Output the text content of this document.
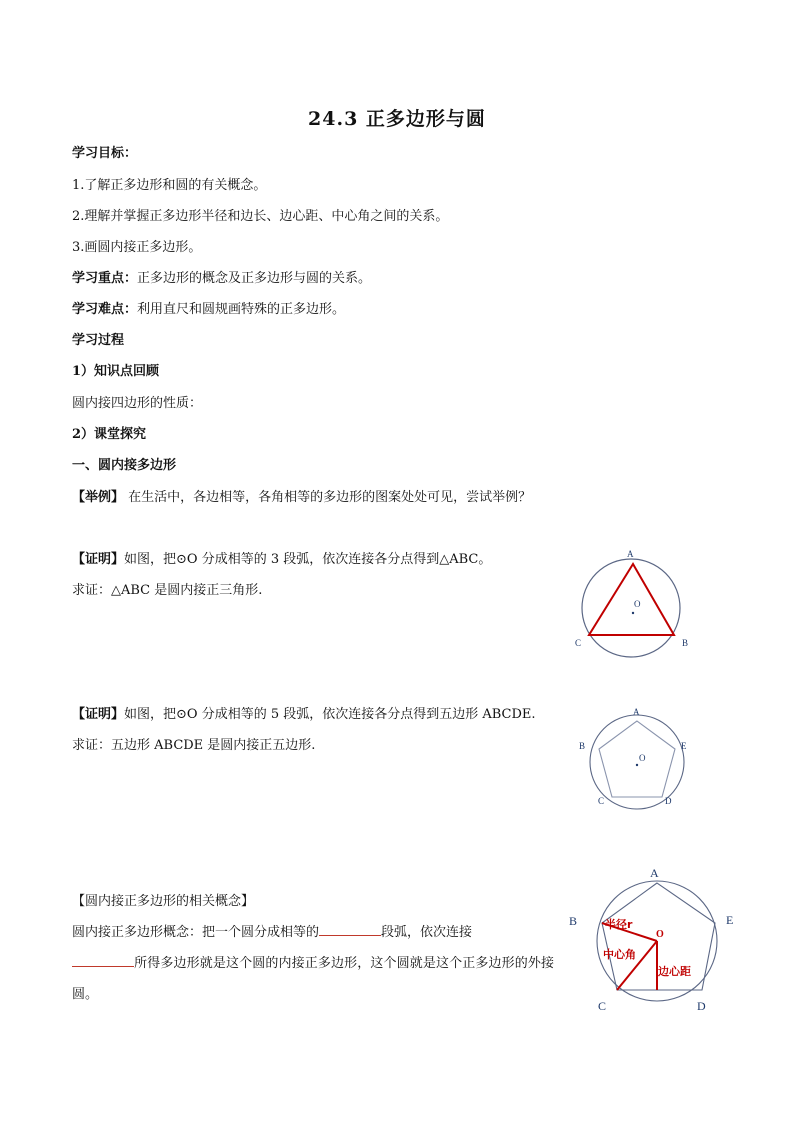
24.3 正多边形与圆
学习目标：
1.了解正多边形和圆的有关概念。
2.理解并掌握正多边形半径和边长、边心距、中心角之间的关系。
3.画圆内接正多边形。
学习重点：正多边形的概念及正多边形与圆的关系。
学习难点：利用直尺和圆规画特殊的正多边形。
学习过程
1）知识点回顾
圆内接四边形的性质：
2）课堂探究
一、圆内接多边形
【举例】 在生活中，各边相等，各角相等的多边形的图案处处可见，尝试举例？
【证明】如图，把⊙O 分成相等的 3 段弧，依次连接各分点得到△ABC。
求证：△ABC 是圆内接正三角形.
【证明】如图，把⊙O 分成相等的 5 段弧，依次连接各分点得到五边形 ABCDE.
求证：五边形 ABCDE 是圆内接正五边形.
【圆内接正多边形的相关概念】
圆内接正多边形概念：把一个圆分成相等的	段弧，依次连接
所得多边形就是这个圆的内接正多边形，这个圆就是这个正多边形的外接圆。
A
B
C
O
A
B
C	D
E
O
A
B
C	D
E
O
半径r
中心角
边心距
